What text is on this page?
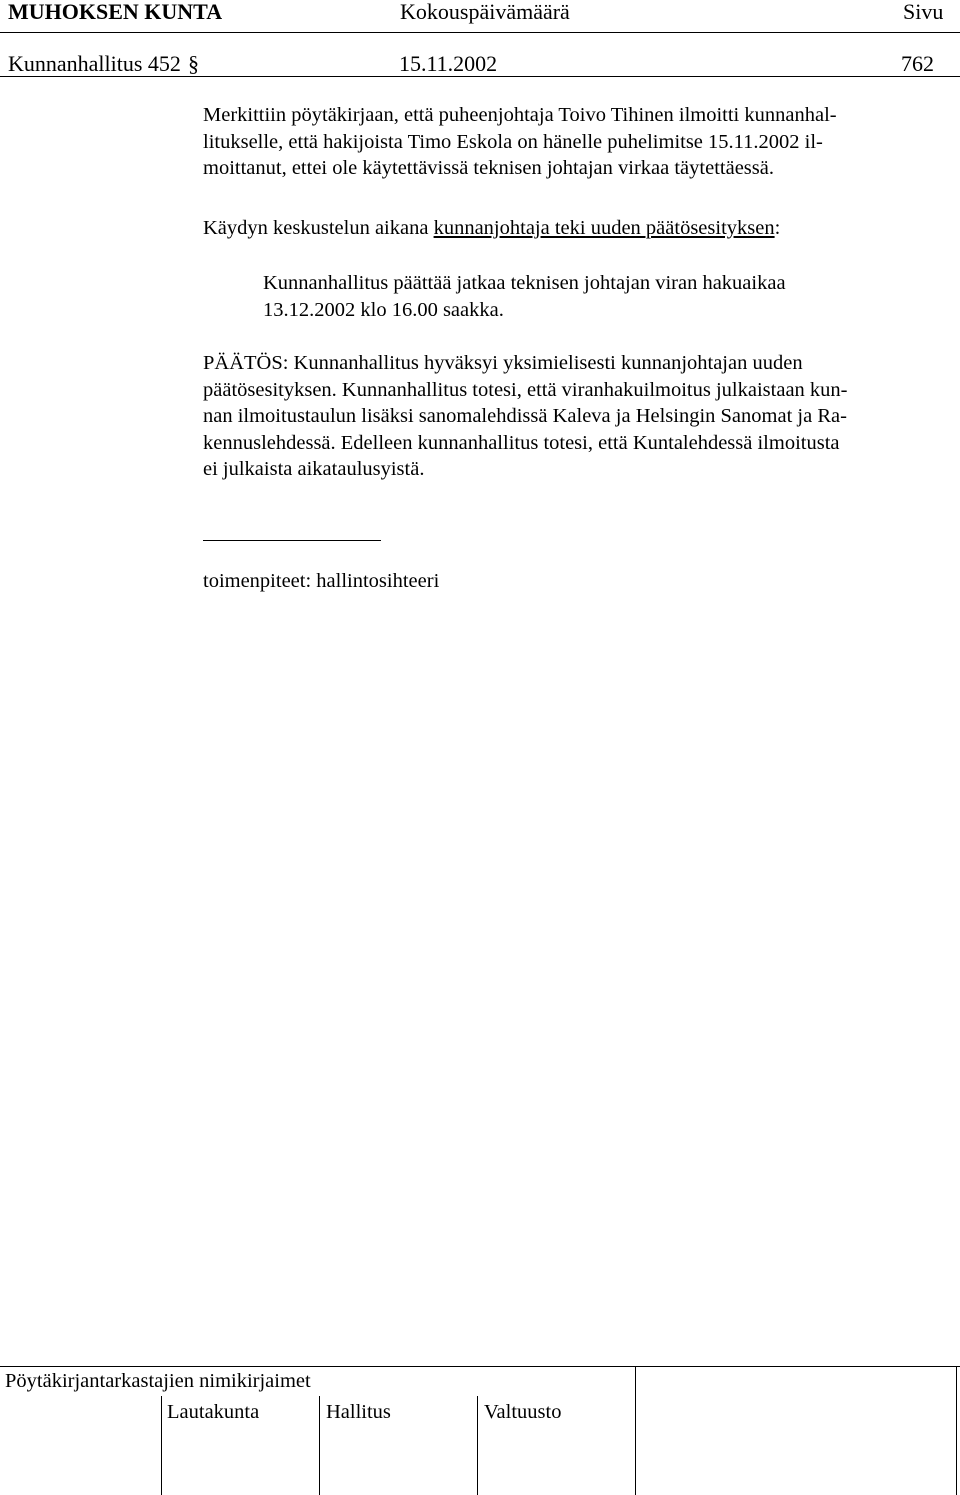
MUHOKSEN KUNTA	Kokouspäivämäärä	Sivu
Kunnanhallitus 452 §	15.11.2002	762
Merkittiin pöytäkirjaan, että puheenjohtaja Toivo Tihinen ilmoitti kunnanhal-
litukselle, että hakijoista Timo Eskola on hänelle puhelimitse 15.11.2002 il-
moittanut, ettei ole käytettävissä teknisen johtajan virkaa täytettäessä.
Käydyn keskustelun aikana kunnanjohtaja teki uuden päätösesityksen:
Kunnanhallitus päättää jatkaa teknisen johtajan viran hakuaikaa
13.12.2002 klo 16.00 saakka.
PÄÄTÖS: Kunnanhallitus hyväksyi yksimielisesti kunnanjohtajan uuden
päätösesityksen. Kunnanhallitus totesi, että viranhakuilmoitus julkaistaan kun-
nan ilmoitustaulun lisäksi sanomalehdissä Kaleva ja Helsingin Sanomat ja Ra-
kennuslehdessä. Edelleen kunnanhallitus totesi, että Kuntalehdessä ilmoitusta
ei julkaista aikataulusyistä.
toimenpiteet: hallintosihteeri
Pöytäkirjantarkastajien nimikirjaimet
Lautakunta	Hallitus	Valtuusto
